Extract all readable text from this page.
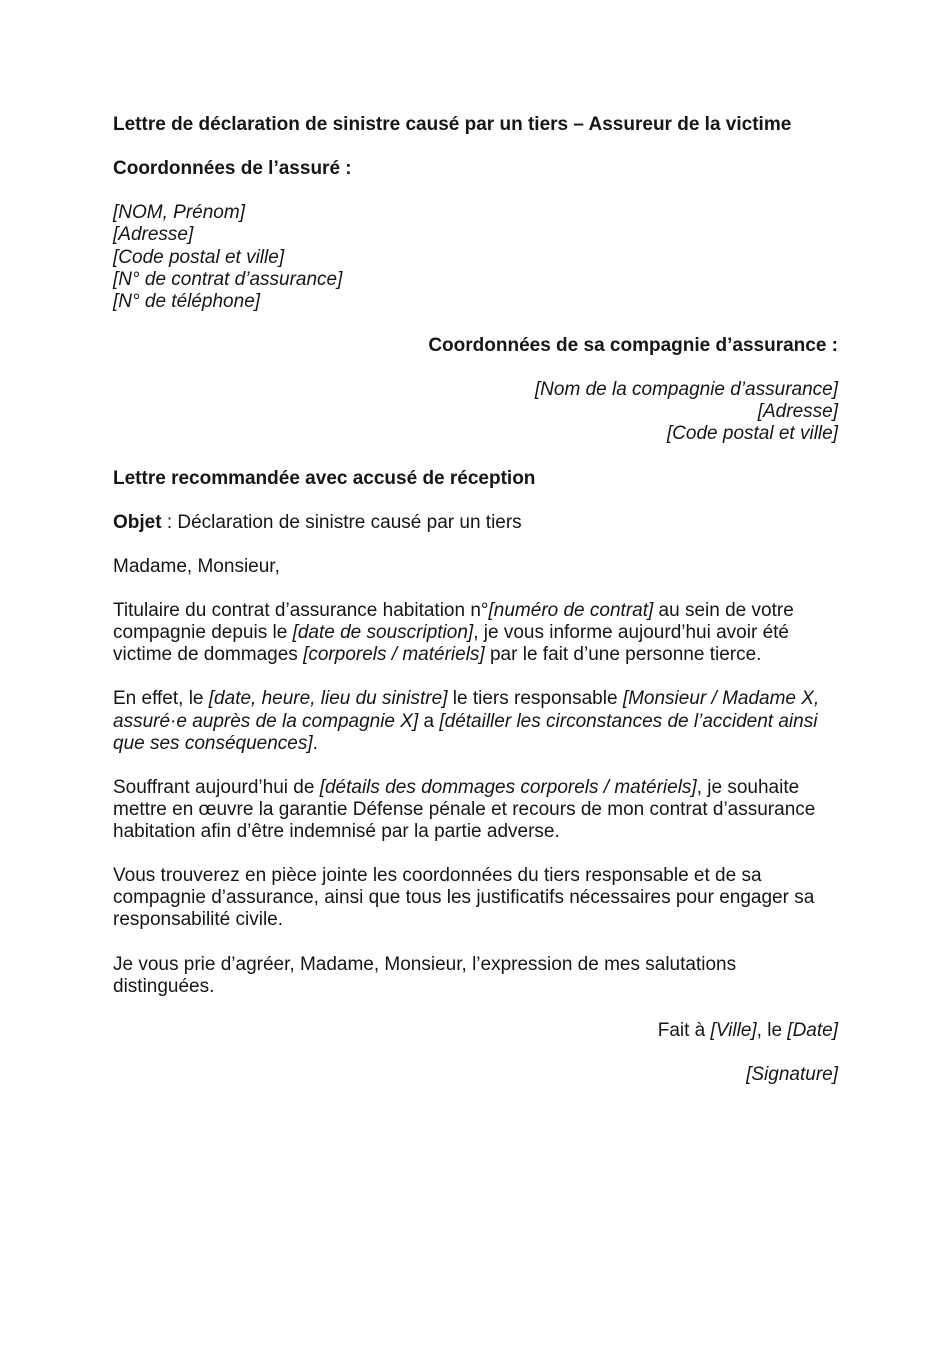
Lettre de déclaration de sinistre causé par un tiers – Assureur de la victime

Coordonnées de l’assuré :

[NOM, Prénom]
[Adresse]
[Code postal et ville]
[N° de contrat d’assurance]
[N° de téléphone]

Coordonnées de sa compagnie d’assurance :

[Nom de la compagnie d’assurance]
[Adresse]
[Code postal et ville]

Lettre recommandée avec accusé de réception

Objet : Déclaration de sinistre causé par un tiers

Madame, Monsieur,

Titulaire du contrat d’assurance habitation n°[numéro de contrat] au sein de votre compagnie depuis le [date de souscription], je vous informe aujourd’hui avoir été victime de dommages [corporels / matériels] par le fait d’une personne tierce.

En effet, le [date, heure, lieu du sinistre] le tiers responsable [Monsieur / Madame X, assuré·e auprès de la compagnie X] a [détailler les circonstances de l’accident ainsi que ses conséquences].

Souffrant aujourd’hui de [détails des dommages corporels / matériels], je souhaite mettre en œuvre la garantie Défense pénale et recours de mon contrat d’assurance habitation afin d’être indemnisé par la partie adverse.

Vous trouverez en pièce jointe les coordonnées du tiers responsable et de sa compagnie d’assurance, ainsi que tous les justificatifs nécessaires pour engager sa responsabilité civile.

Je vous prie d’agréer, Madame, Monsieur, l’expression de mes salutations distinguées.

Fait à [Ville], le [Date]

[Signature]
